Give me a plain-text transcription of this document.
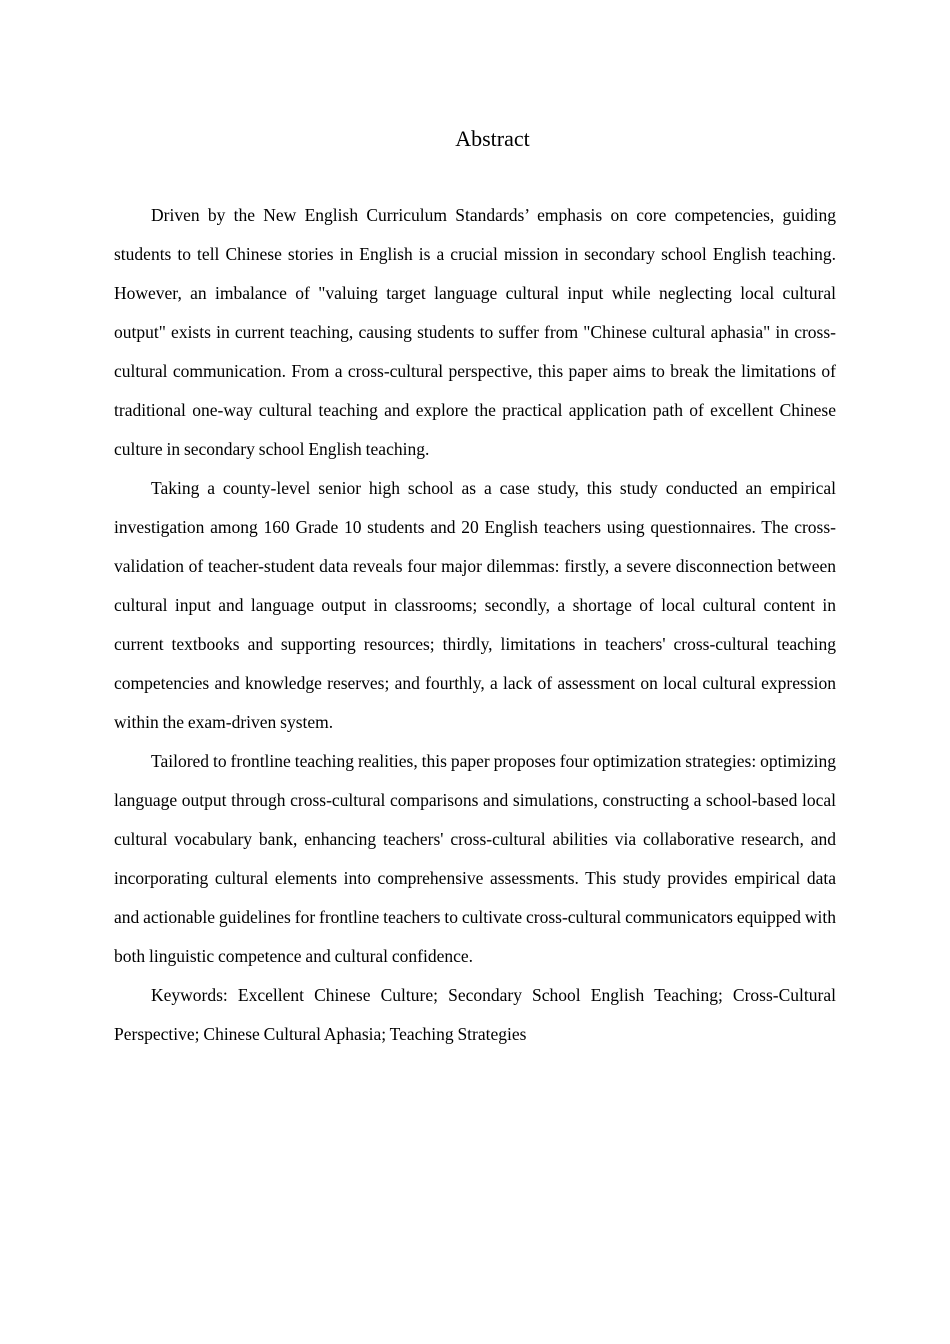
Abstract

Driven by the New English Curriculum Standards’ emphasis on core competencies, guiding students to tell Chinese stories in English is a crucial mission in secondary school English teaching. However, an imbalance of "valuing target language cultural input while neglecting local cultural output" exists in current teaching, causing students to suffer from "Chinese cultural aphasia" in cross-cultural communication. From a cross-cultural perspective, this paper aims to break the limitations of traditional one-way cultural teaching and explore the practical application path of excellent Chinese culture in secondary school English teaching.

Taking a county-level senior high school as a case study, this study conducted an empirical investigation among 160 Grade 10 students and 20 English teachers using questionnaires. The cross-validation of teacher-student data reveals four major dilemmas: firstly, a severe disconnection between cultural input and language output in classrooms; secondly, a shortage of local cultural content in current textbooks and supporting resources; thirdly, limitations in teachers' cross-cultural teaching competencies and knowledge reserves; and fourthly, a lack of assessment on local cultural expression within the exam-driven system.

Tailored to frontline teaching realities, this paper proposes four optimization strategies: optimizing language output through cross-cultural comparisons and simulations, constructing a school-based local cultural vocabulary bank, enhancing teachers' cross-cultural abilities via collaborative research, and incorporating cultural elements into comprehensive assessments. This study provides empirical data and actionable guidelines for frontline teachers to cultivate cross-cultural communicators equipped with both linguistic competence and cultural confidence.

Keywords: Excellent Chinese Culture; Secondary School English Teaching; Cross-Cultural Perspective; Chinese Cultural Aphasia; Teaching Strategies
